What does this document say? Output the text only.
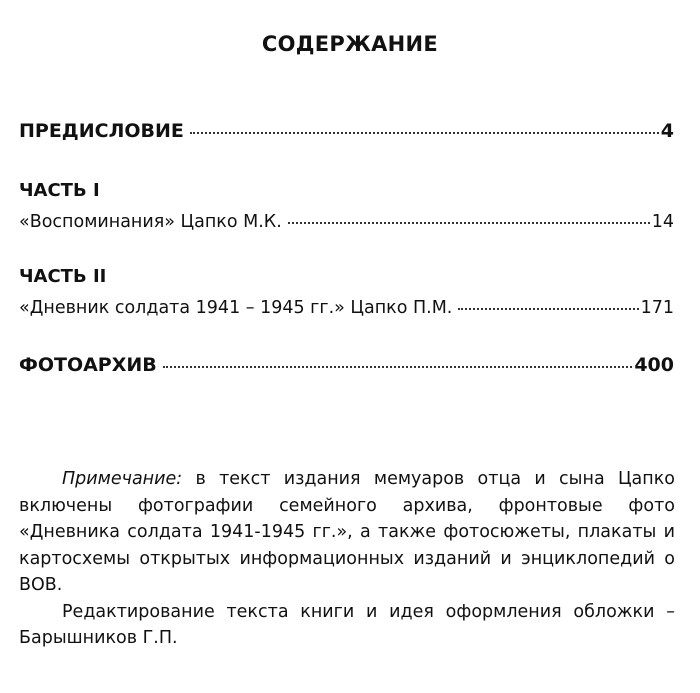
СОДЕРЖАНИЕ
ПРЕДИСЛОВИЕ	4
ЧАСТЬ I
«Воспоминания» Цапко М.К.	14
ЧАСТЬ II
«Дневник солдата 1941 – 1945 гг.» Цапко П.М.	171
ФОТОАРХИВ	400

Примечание: в текст издания мемуаров отца и сына Цапко включены фотографии семейного архива, фронтовые фото «Дневника солдата 1941-1945 гг.», а также фотосюжеты, плакаты и картосхемы открытых информационных изданий и энциклопедий о ВОВ.

Редактирование текста книги и идея оформления обложки – Барышников Г.П.
